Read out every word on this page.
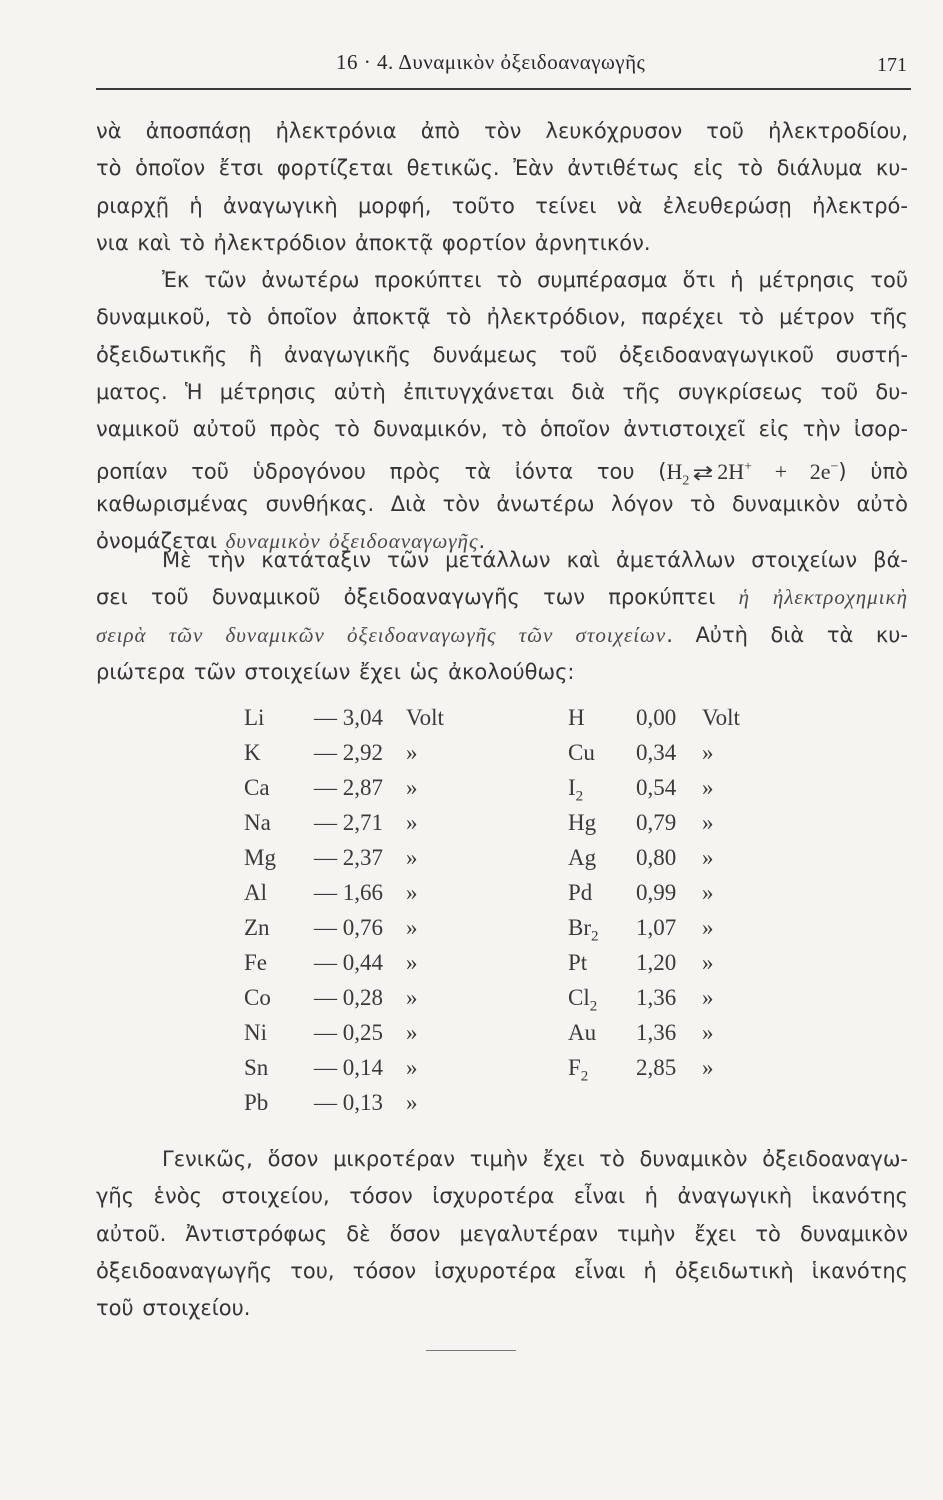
16 · 4. Δυναμικὸν ὀξειδοαναγωγῆς	171
νὰ ἀποσπάσῃ ἠλεκτρόνια ἀπὸ τὸν λευκόχρυσον τοῦ ἠλεκτροδίου,
τὸ ὁποῖον ἔτσι φορτίζεται θετικῶς. Ἐὰν ἀντιθέτως εἰς τὸ διάλυμα κυ-
ριαρχῇ ἡ ἀναγωγικὴ μορφή, τοῦτο τείνει νὰ ἐλευθερώσῃ ἠλεκτρό-
νια καὶ τὸ ἠλεκτρόδιον ἀποκτᾷ φορτίον ἀρνητικόν.
Ἐκ τῶν ἀνωτέρω προκύπτει τὸ συμπέρασμα ὅτι ἡ μέτρησις τοῦ
δυναμικοῦ, τὸ ὁποῖον ἀποκτᾷ τὸ ἠλεκτρόδιον, παρέχει τὸ μέτρον τῆς
ὀξειδωτικῆς ἢ ἀναγωγικῆς δυνάμεως τοῦ ὀξειδοαναγωγικοῦ συστή-
ματος. Ἡ μέτρησις αὐτὴ ἐπιτυγχάνεται διὰ τῆς συγκρίσεως τοῦ δυ-
ναμικοῦ αὐτοῦ πρὸς τὸ δυναμικόν, τὸ ὁποῖον ἀντιστοιχεῖ εἰς τὴν ἰσορ-
ροπίαν τοῦ ὑδρογόνου πρὸς τὰ ἰόντα του ($H_2$ ⇄ 2H+ + 2e−) ὑπὸ
καθωρισμένας συνθήκας. Διὰ τὸν ἀνωτέρω λόγον τὸ δυναμικὸν αὐτὸ
ὀνομάζεται δυναμικὸν ὀξειδοαναγωγῆς.
Μὲ τὴν κατάταξιν τῶν μετάλλων καὶ ἀμετάλλων στοιχείων βά-
σει τοῦ δυναμικοῦ ὀξειδοαναγωγῆς των προκύπτει ἡ ἠλεκτροχημικὴ
σειρὰ τῶν δυναμικῶν ὀξειδοαναγωγῆς τῶν στοιχείων. Αὐτὴ διὰ τὰ κυ-
ριώτερα τῶν στοιχείων ἔχει ὡς ἀκολούθως:
Li — 3,04 Volt
K — 2,92 »
Ca — 2,87 »
Na — 2,71 »
Mg — 2,37 »
Al — 1,66 »
Zn — 0,76 »
Fe — 0,44 »
Co — 0,28 »
Ni — 0,25 »
Sn — 0,14 »
Pb — 0,13 »
H 0,00 Volt
Cu 0,34 »
$I_2$ 0,54 »
Hg 0,79 »
Ag 0,80 »
Pd 0,99 »
$Br_2$ 1,07 »
Pt 1,20 »
$Cl_2$ 1,36 »
Au 1,36 »
$F_2$ 2,85 »
Γενικῶς, ὅσον μικροτέραν τιμὴν ἔχει τὸ δυναμικὸν ὀξειδοαναγω-
γῆς ἑνὸς στοιχείου, τόσον ἰσχυροτέρα εἶναι ἡ ἀναγωγικὴ ἱκανότης
αὐτοῦ. Ἀντιστρόφως δὲ ὅσον μεγαλυτέραν τιμὴν ἔχει τὸ δυναμικὸν
ὀξειδοαναγωγῆς του, τόσον ἰσχυροτέρα εἶναι ἡ ὀξειδωτικὴ ἱκανότης
τοῦ στοιχείου.
